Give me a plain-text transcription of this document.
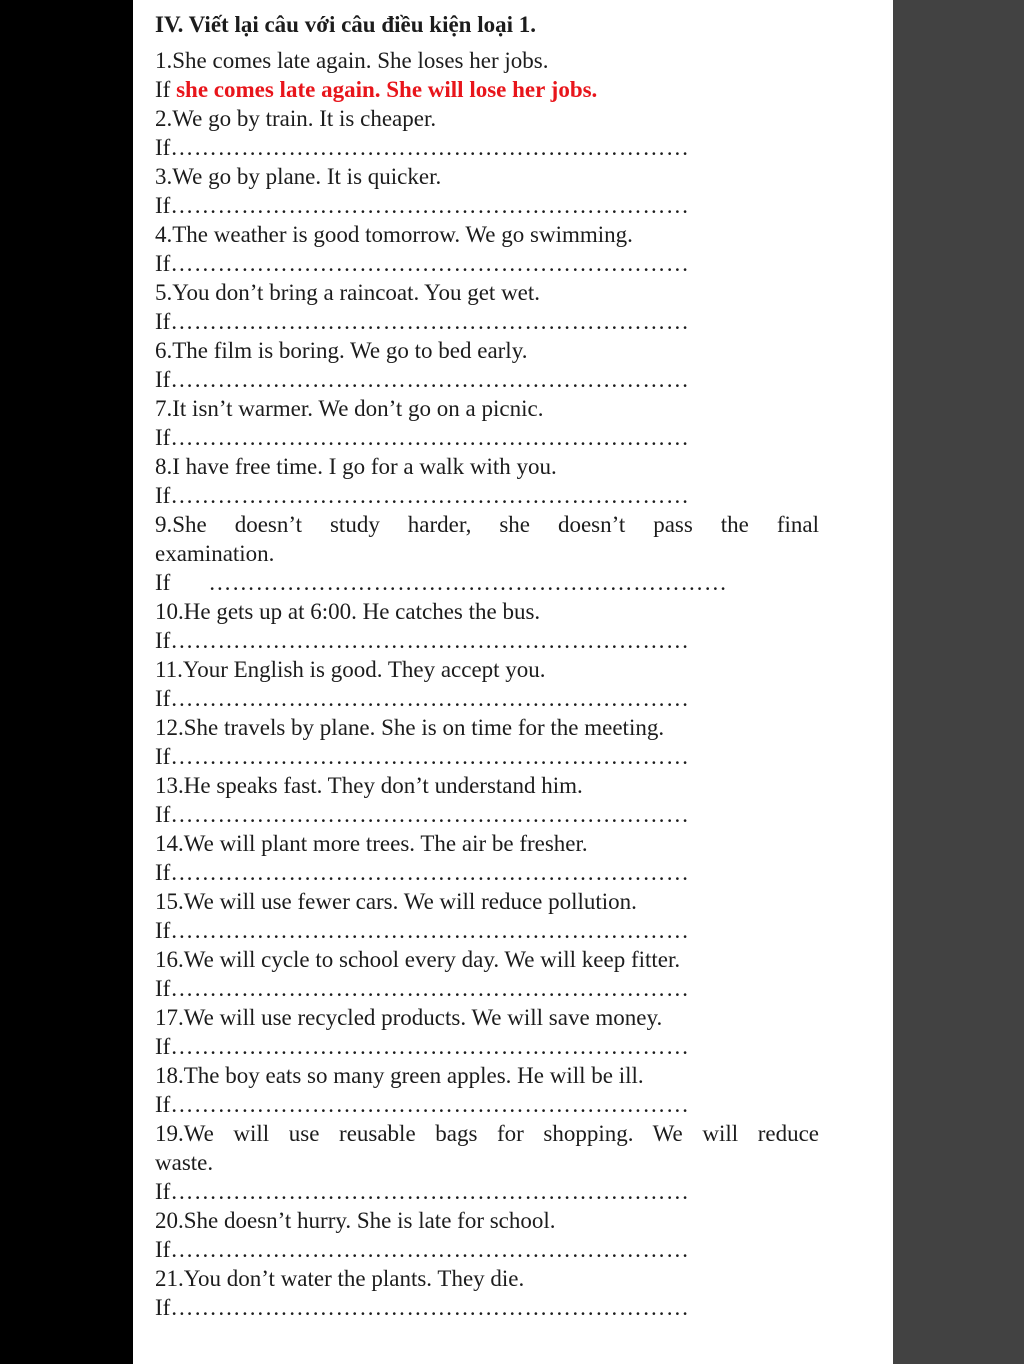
IV. Viết lại câu với câu điều kiện loại 1.
1.She comes late again. She loses her jobs.
If she comes late again. She will lose her jobs.
2.We go by train. It is cheaper.
If…………………………………………………………
3.We go by plane. It is quicker.
If…………………………………………………………
4.The weather is good tomorrow. We go swimming.
If…………………………………………………………
5.You don’t bring a raincoat. You get wet.
If…………………………………………………………
6.The film is boring. We go to bed early.
If…………………………………………………………
7.It isn’t warmer. We don’t go on a picnic.
If…………………………………………………………
8.I have free time. I go for a walk with you.
If…………………………………………………………
9.She doesn’t study harder, she doesn’t pass the final
examination.
If …………………………………………………………
10.He gets up at 6:00. He catches the bus.
If…………………………………………………………
11.Your English is good. They accept you.
If…………………………………………………………
12.She travels by plane. She is on time for the meeting.
If…………………………………………………………
13.He speaks fast. They don’t understand him.
If…………………………………………………………
14.We will plant more trees. The air be fresher.
If…………………………………………………………
15.We will use fewer cars. We will reduce pollution.
If…………………………………………………………
16.We will cycle to school every day. We will keep fitter.
If…………………………………………………………
17.We will use recycled products. We will save money.
If…………………………………………………………
18.The boy eats so many green apples. He will be ill.
If…………………………………………………………
19.We will use reusable bags for shopping. We will reduce
waste.
If…………………………………………………………
20.She doesn’t hurry. She is late for school.
If…………………………………………………………
21.You don’t water the plants. They die.
If…………………………………………………………
